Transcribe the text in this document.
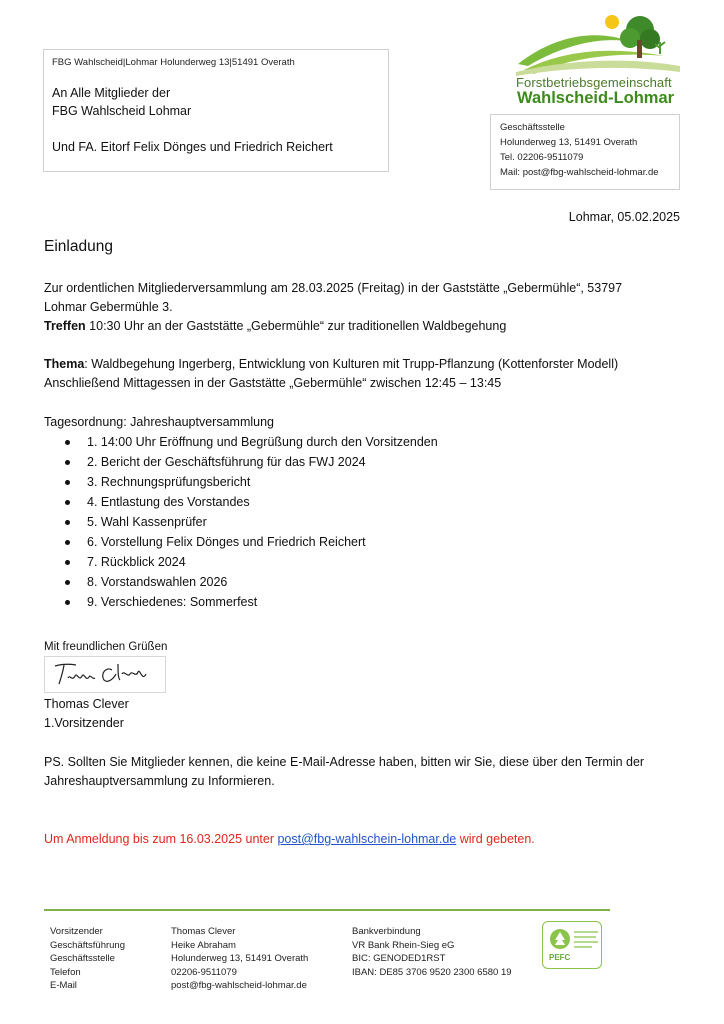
FBG Wahlscheid|Lohmar Holunderweg 13|51491 Overath
An Alle Mitglieder der
FBG Wahlscheid Lohmar
Und FA. Eitorf Felix Dönges und Friedrich Reichert
Forstbetriebsgemeinschaft
Wahlscheid-Lohmar
Geschäftsstelle
Holunderweg 13, 51491 Overath
Tel. 02206-9511079
Mail: post@fbg-wahlscheid-lohmar.de
Lohmar, 05.02.2025
Einladung
Zur ordentlichen Mitgliederversammlung am 28.03.2025 (Freitag) in der Gaststätte „Gebermühle“, 53797
Lohmar Gebermühle 3.
Treffen 10:30 Uhr an der Gaststätte „Gebermühle“ zur traditionellen Waldbegehung
Thema: Waldbegehung Ingerberg, Entwicklung von Kulturen mit Trupp-Pflanzung (Kottenforster Modell)
Anschließend Mittagessen in der Gaststätte „Gebermühle“ zwischen 12:45 – 13:45
Tagesordnung: Jahreshauptversammlung
1. 14:00 Uhr Eröffnung und Begrüßung durch den Vorsitzenden
2. Bericht der Geschäftsführung für das FWJ 2024
3. Rechnungsprüfungsbericht
4. Entlastung des Vorstandes
5. Wahl Kassenprüfer
6. Vorstellung Felix Dönges und Friedrich Reichert
7. Rückblick 2024
8. Vorstandswahlen 2026
9. Verschiedenes: Sommerfest
Mit freundlichen Grüßen
Thomas Clever
1.Vorsitzender
PS. Sollten Sie Mitglieder kennen, die keine E-Mail-Adresse haben, bitten wir Sie, diese über den Termin der
Jahreshauptversammlung zu Informieren.
Um Anmeldung bis zum 16.03.2025 unter post@fbg-wahlschein-lohmar.de wird gebeten.
Vorsitzender
Geschäftsführung
Geschäftsstelle
Telefon
E-Mail
Thomas Clever
Heike Abraham
Holunderweg 13, 51491 Overath
02206-9511079
post@fbg-wahlscheid-lohmar.de
Bankverbindung
VR Bank Rhein-Sieg eG
BIC: GENODED1RST
IBAN: DE85 3706 9520 2300 6580 19
PEFC
